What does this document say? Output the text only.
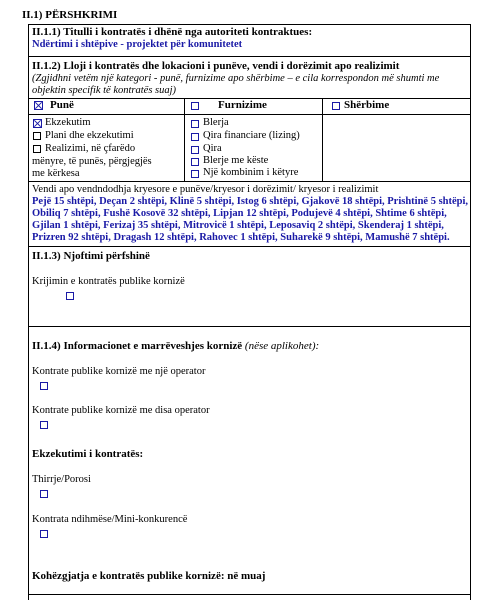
II.1) PËRSHKRIMI
II.1.1) Titulli i kontratës i dhënë nga autoriteti kontraktues:
Ndërtimi i shtëpive - projektet për komunitetet
II.1.2) Lloji i kontratës dhe lokacioni i punëve, vendi i dorëzimit apo realizimit
(Zgjidhni vetëm një kategori - punë, furnizime apo shërbime – e cila korrespondon më shumti me
objektin specifik të kontratës suaj)
Punë	Furnizime	Shërbime
Ekzekutim
Plani dhe ekzekutimi
Realizimi, në çfarëdo
mënyre, të punës, përgjegjës
me kërkesa
Blerja
Qira financiare (lizing)
Qira
Blerje me këste
Një kombinim i këtyre
Vendi apo vendndodhja kryesore e punëve/kryesor i dorëzimit/ kryesor i realizimit
Pejë 15 shtëpi, Deçan 2 shtëpi, Klinë 5 shtëpi, Istog 6 shtëpi, Gjakovë 18 shtëpi, Prishtinë 5 shtëpi,
Obiliq 7 shtëpi, Fushë Kosovë 32 shtëpi, Lipjan 12 shtëpi, Podujevë 4 shtëpi, Shtime 6 shtëpi,
Gjilan 1 shtëpi, Ferizaj 35 shtëpi, Mitrovicë 1 shtëpi, Leposaviq 2 shtëpi, Skenderaj 1 shtëpi,
Prizren 92 shtëpi, Dragash 12 shtëpi, Rahovec 1 shtëpi, Suharekë 9 shtëpi, Mamushë 7 shtëpi.
II.1.3) Njoftimi përfshinë
Krijimin e kontratës publike kornizë
II.1.4) Informacionet e marrëveshjes kornizë (nëse aplikohet):
Kontrate publike kornizë me një operator
Kontrate publike kornizë me disa operator
Ekzekutimi i kontratës:
Thirrje/Porosi
Kontrata ndihmëse/Mini-konkurencë
Kohëzgjatja e kontratës publike kornizë: në muaj
